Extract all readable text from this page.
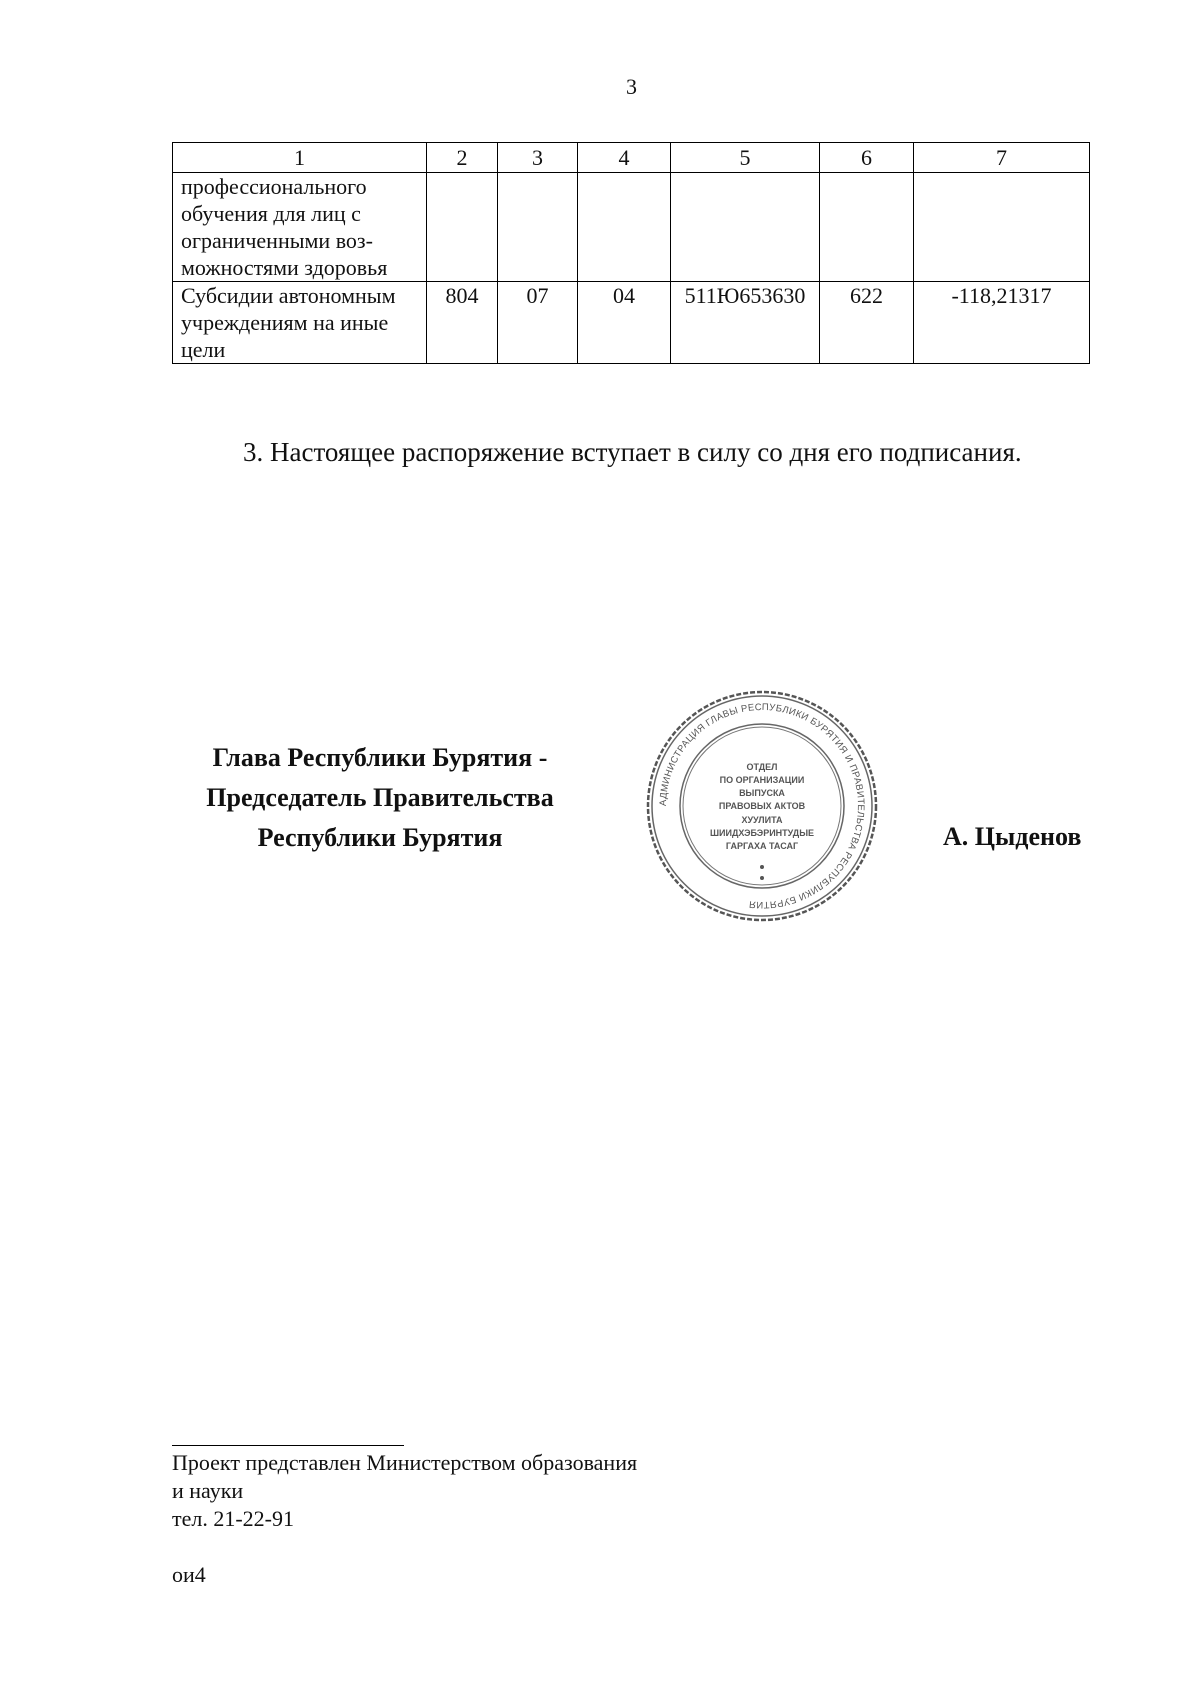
3
1	2	3	4	5	6	7

профессионального
обучения для лиц с
ограниченными воз-
можностями здоровья						

Субсидии автономным
учреждениям на иные
цели	804	07	04	511Ю653630	622	-118,21317
3. Настоящее распоряжение вступает в силу со дня его подписания.
Глава Республики Бурятия -
Председатель Правительства
Республики Бурятия
АДМИНИСТРАЦИЯ ГЛАВЫ РЕСПУБЛИКИ БУРЯТИЯ И ПРАВИТЕЛЬСТВА РЕСПУБЛИКИ БУРЯТИЯ
ОТДЕЛ
ПО ОРГАНИЗАЦИИ
ВЫПУСКА
ПРАВОВЫХ АКТОВ
ХУУЛИТА
ШИИДХЭБЭРИНТУДЫЕ
ГАРГАХА ТАСАГ	А. Цыденов
Проект представлен Министерством образования
и науки
тел. 21-22-91
ои4
